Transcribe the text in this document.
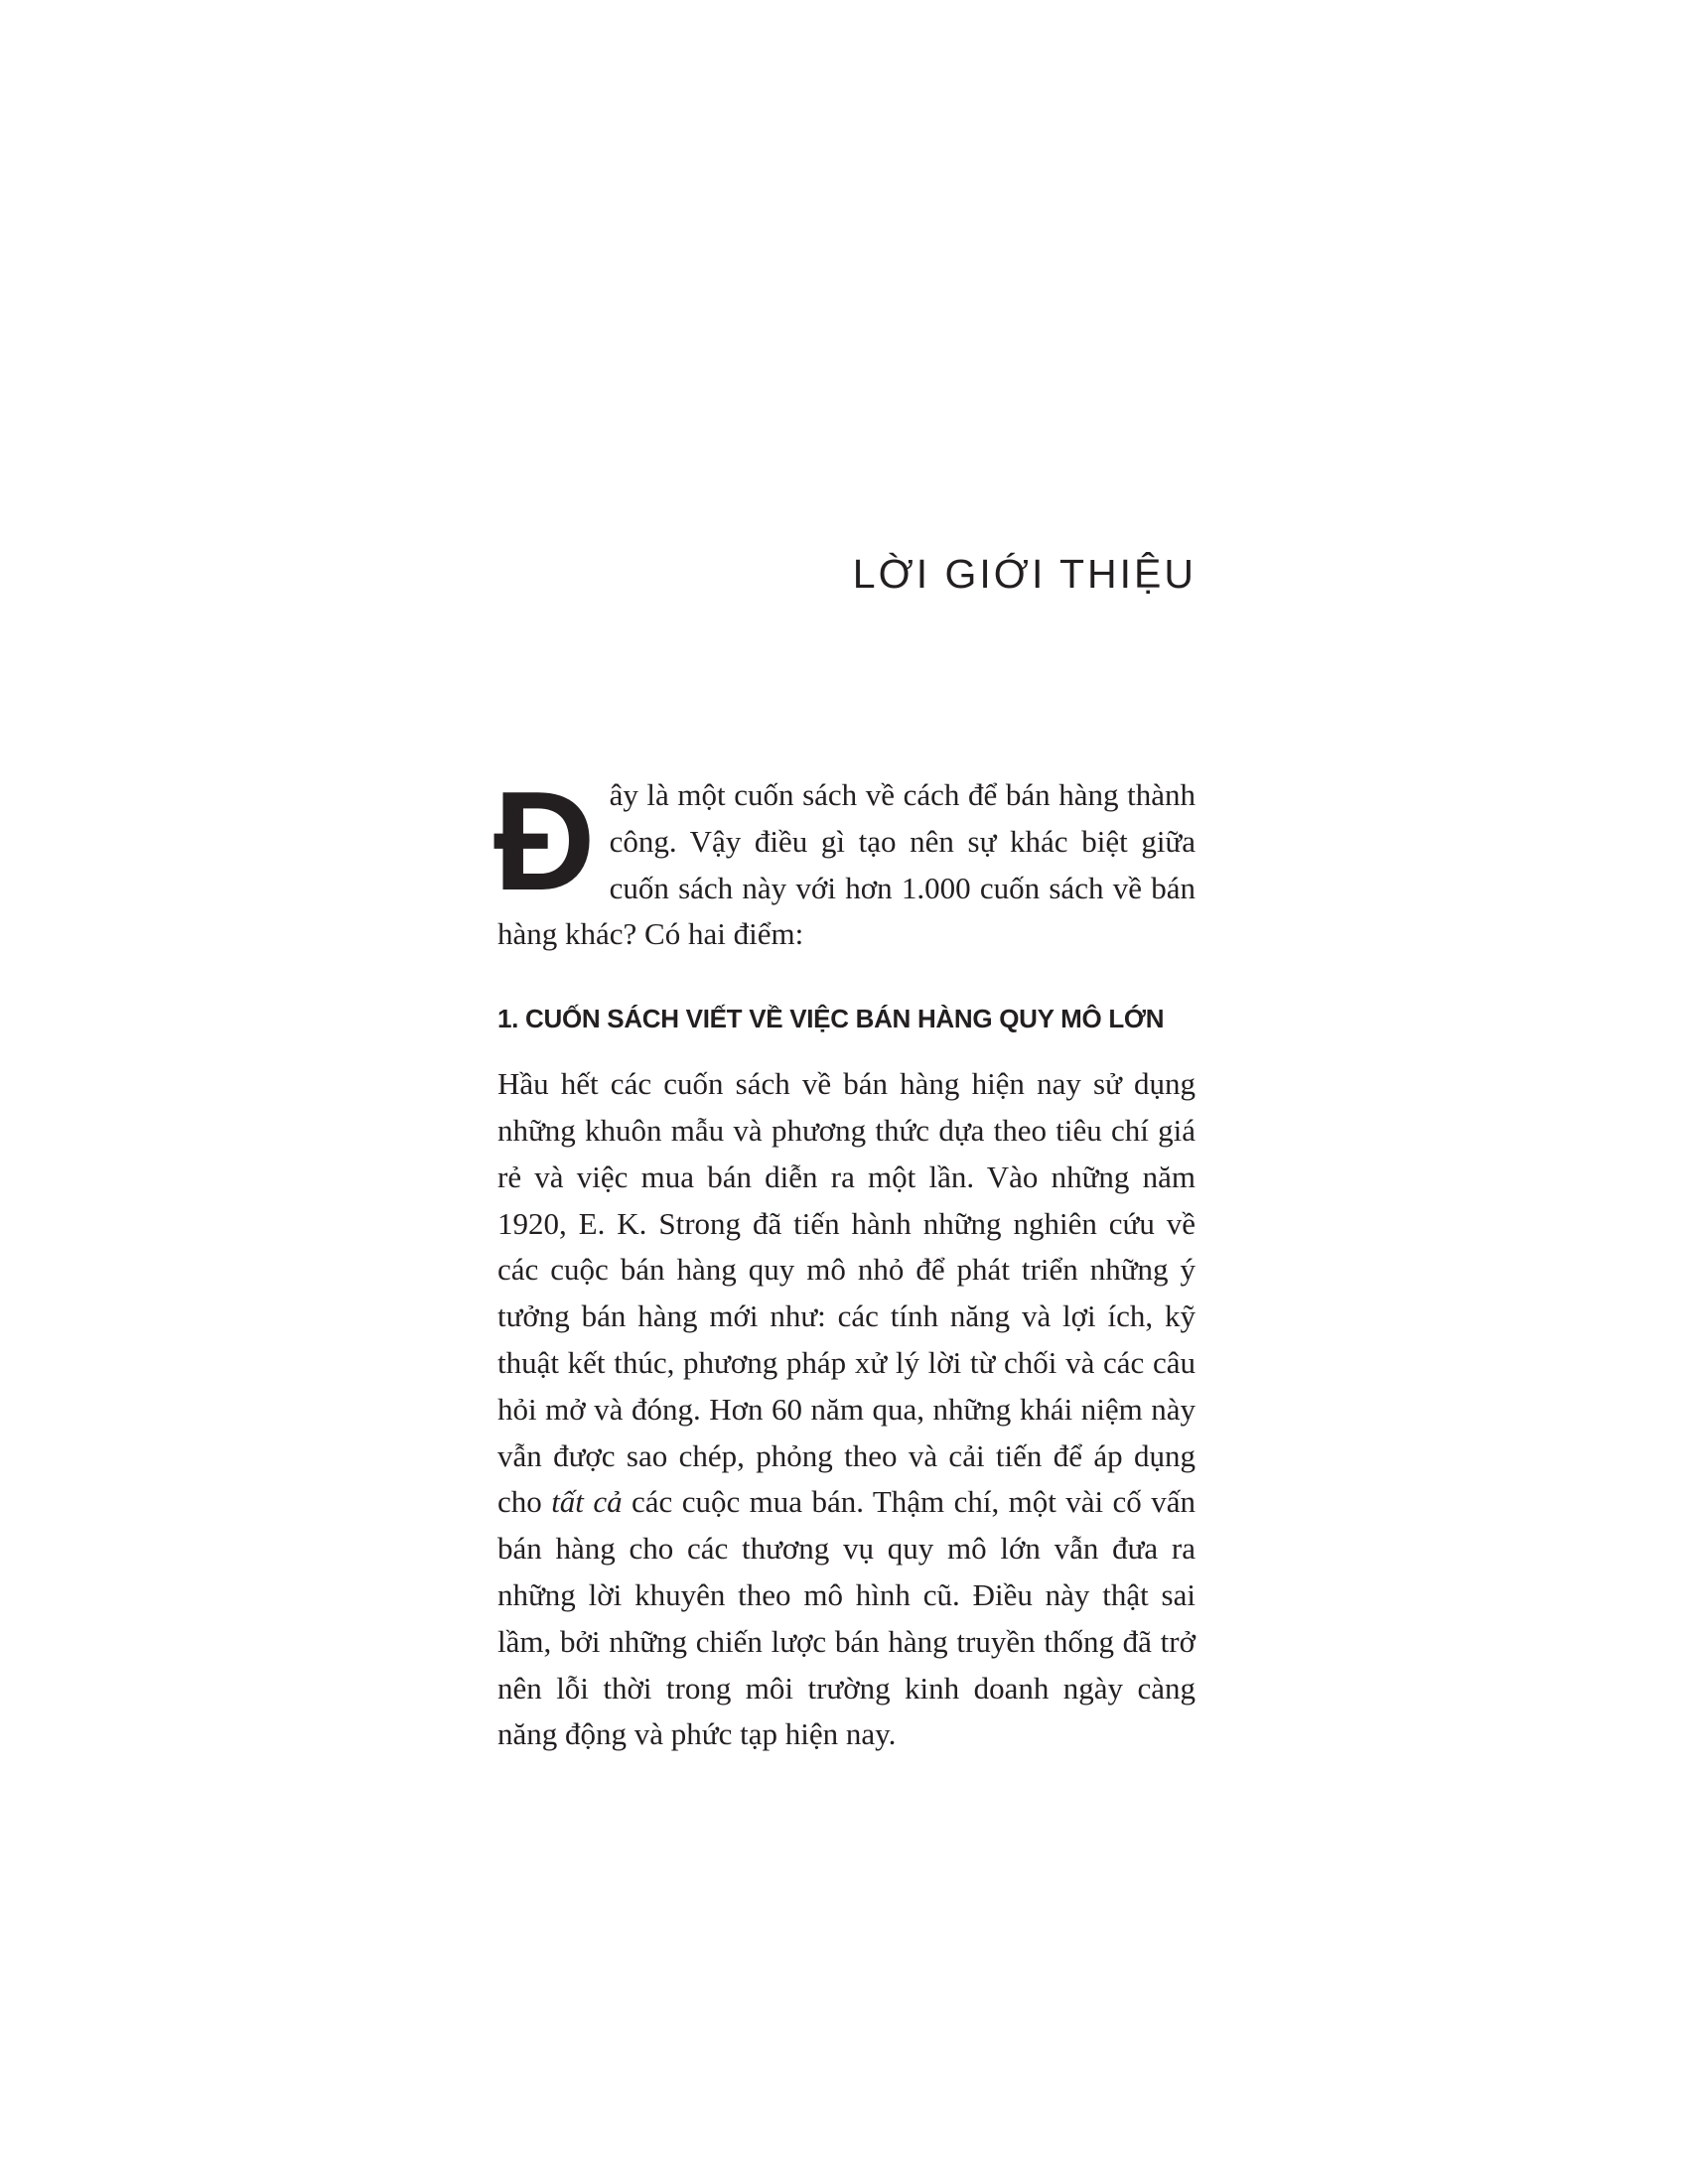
LỜI GIỚI THIỆU

Đây là một cuốn sách về cách để bán hàng thành công. Vậy điều gì tạo nên sự khác biệt giữa cuốn sách này với hơn 1.000 cuốn sách về bán hàng khác? Có hai điểm:

1. CUỐN SÁCH VIẾT VỀ VIỆC BÁN HÀNG QUY MÔ LỚN

Hầu hết các cuốn sách về bán hàng hiện nay sử dụng những khuôn mẫu và phương thức dựa theo tiêu chí giá rẻ và việc mua bán diễn ra một lần. Vào những năm 1920, E. K. Strong đã tiến hành những nghiên cứu về các cuộc bán hàng quy mô nhỏ để phát triển những ý tưởng bán hàng mới như: các tính năng và lợi ích, kỹ thuật kết thúc, phương pháp xử lý lời từ chối và các câu hỏi mở và đóng. Hơn 60 năm qua, những khái niệm này vẫn được sao chép, phỏng theo và cải tiến để áp dụng cho tất cả các cuộc mua bán. Thậm chí, một vài cố vấn bán hàng cho các thương vụ quy mô lớn vẫn đưa ra những lời khuyên theo mô hình cũ. Điều này thật sai lầm, bởi những chiến lược bán hàng truyền thống đã trở nên lỗi thời trong môi trường kinh doanh ngày càng năng động và phức tạp hiện nay.
